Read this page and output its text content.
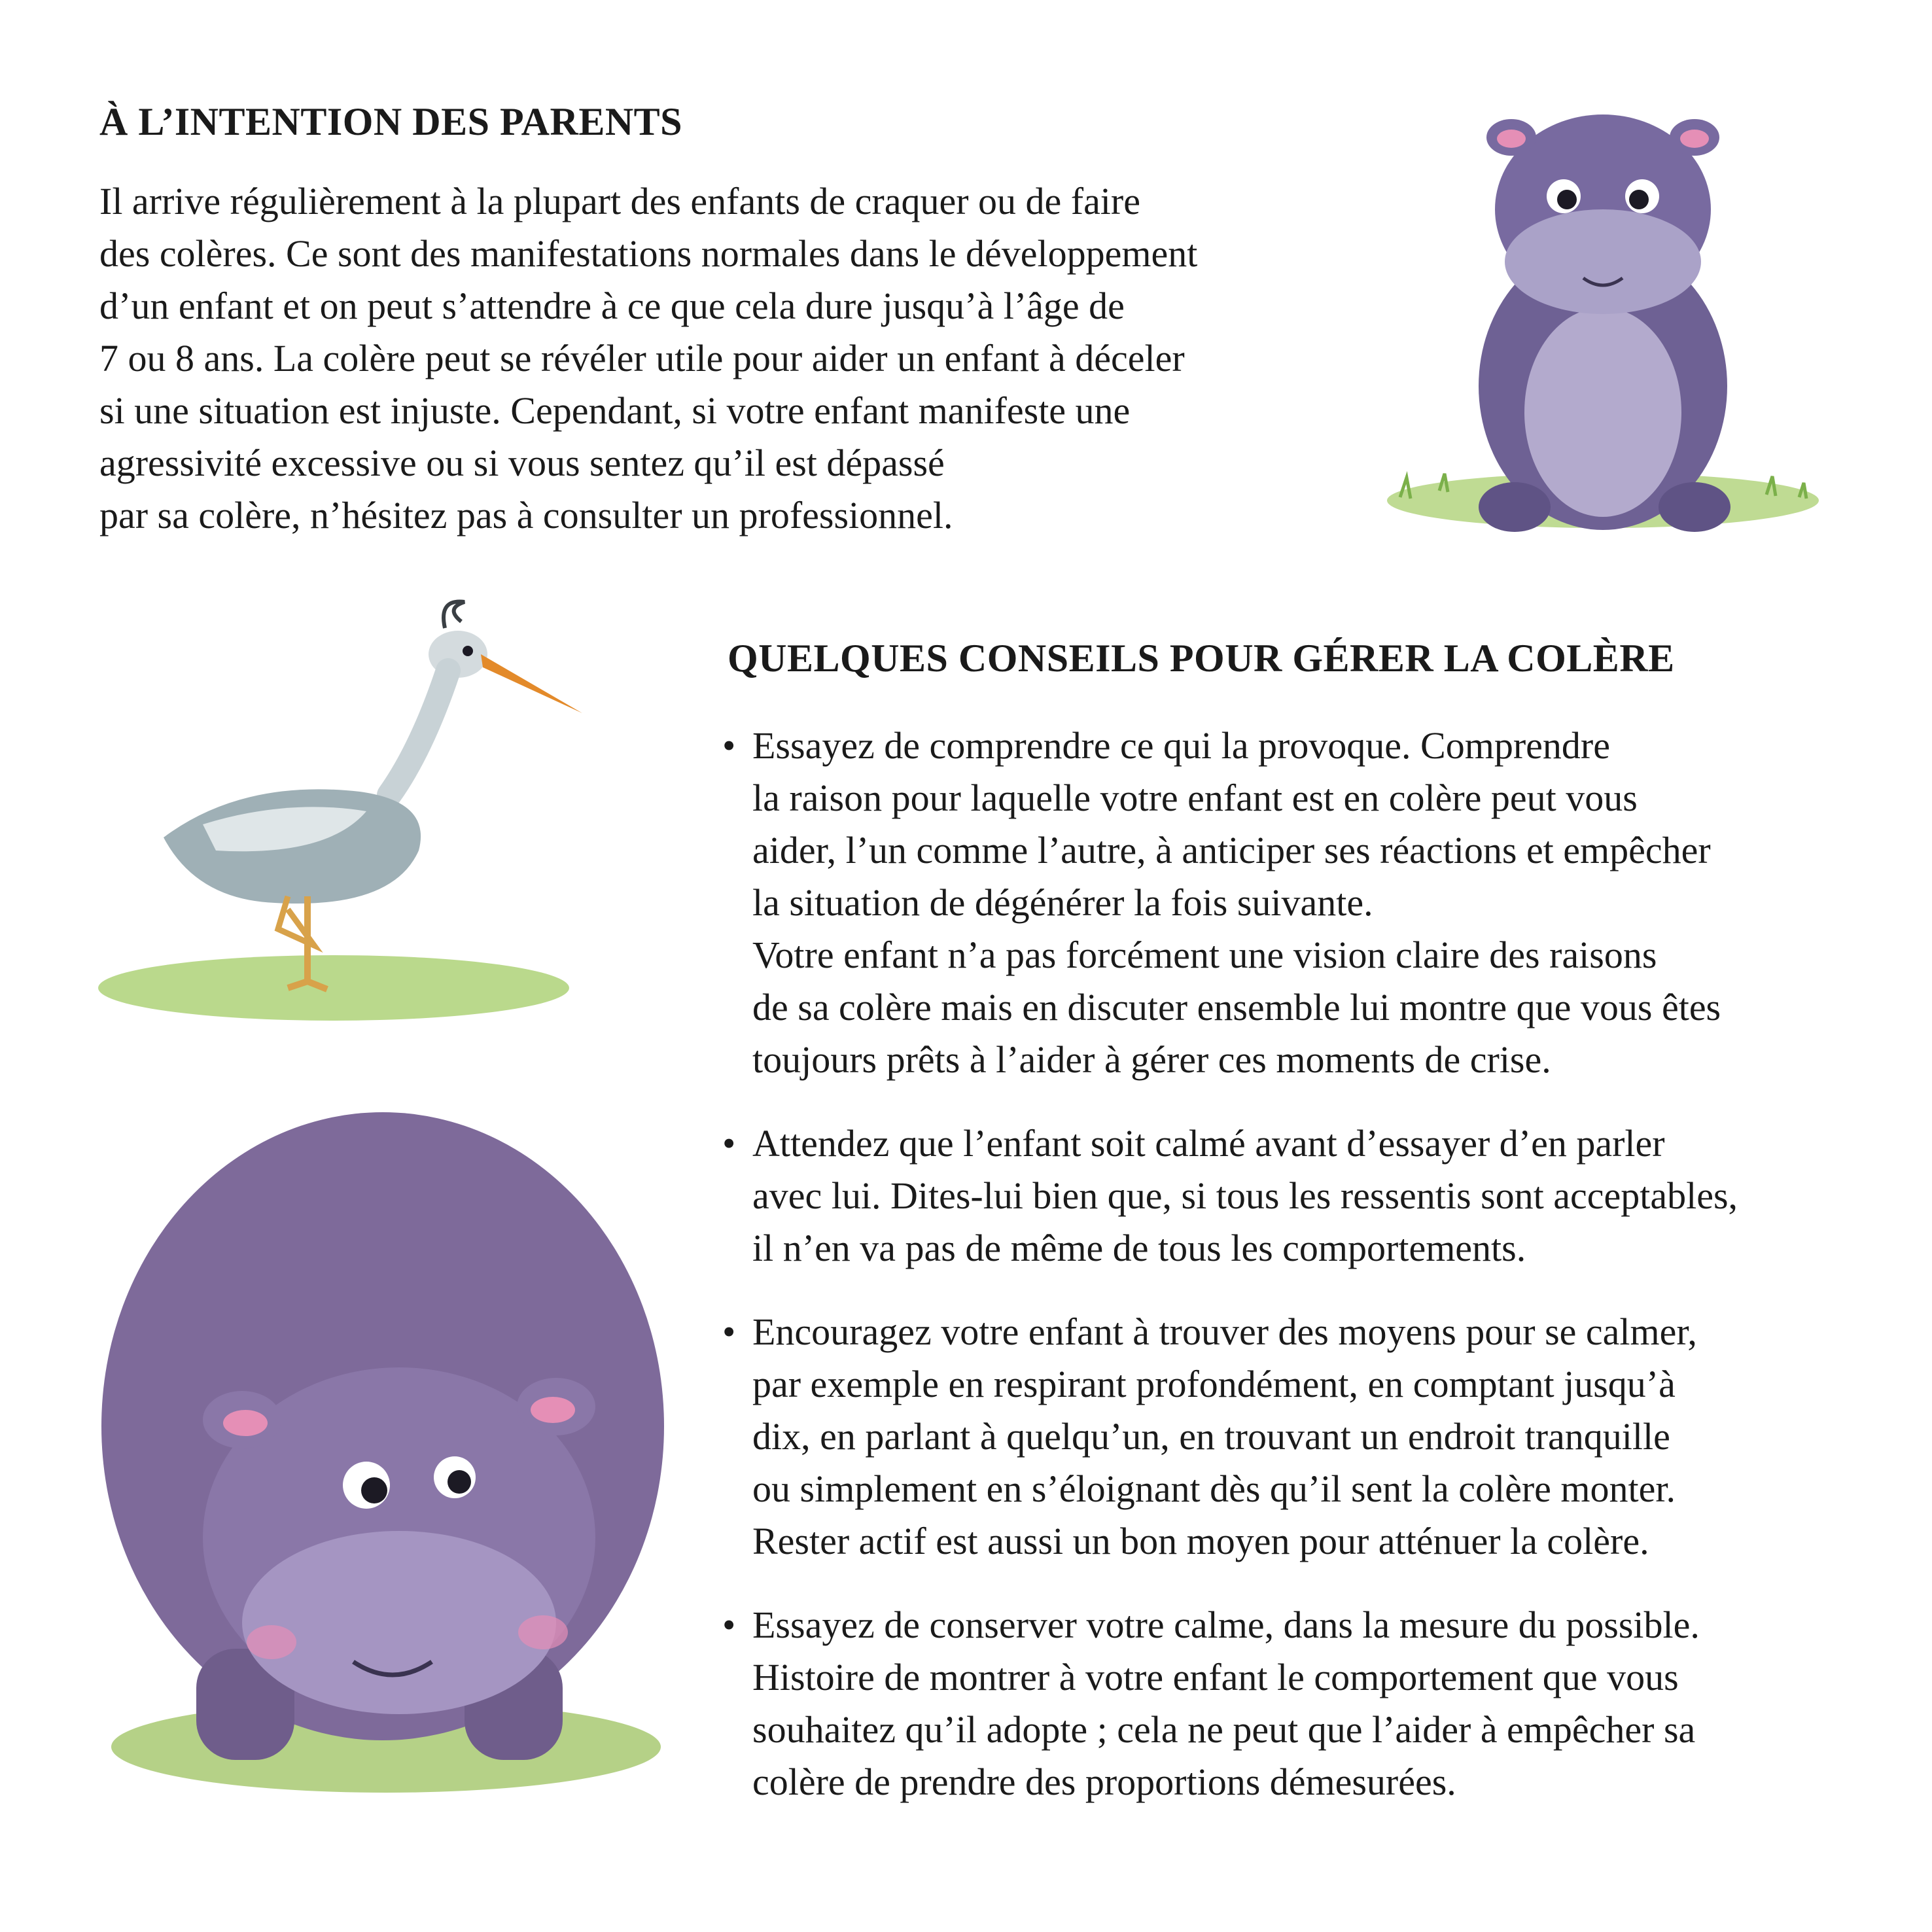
À L’INTENTION DES PARENTS
Il arrive régulièrement à la plupart des enfants de craquer ou de faire
des colères. Ce sont des manifestations normales dans le développement
d’un enfant et on peut s’attendre à ce que cela dure jusqu’à l’âge de
7 ou 8 ans. La colère peut se révéler utile pour aider un enfant à déceler
si une situation est injuste. Cependant, si votre enfant manifeste une
agressivité excessive ou si vous sentez qu’il est dépassé
par sa colère, n’hésitez pas à consulter un professionnel.
QUELQUES CONSEILS POUR GÉRER LA COLÈRE
• Essayez de comprendre ce qui la provoque. Comprendre
la raison pour laquelle votre enfant est en colère peut vous
aider, l’un comme l’autre, à anticiper ses réactions et empêcher
la situation de dégénérer la fois suivante.
Votre enfant n’a pas forcément une vision claire des raisons
de sa colère mais en discuter ensemble lui montre que vous êtes
toujours prêts à l’aider à gérer ces moments de crise.
• Attendez que l’enfant soit calmé avant d’essayer d’en parler
avec lui. Dites-lui bien que, si tous les ressentis sont acceptables,
il n’en va pas de même de tous les comportements.
• Encouragez votre enfant à trouver des moyens pour se calmer,
par exemple en respirant profondément, en comptant jusqu’à
dix, en parlant à quelqu’un, en trouvant un endroit tranquille
ou simplement en s’éloignant dès qu’il sent la colère monter.
Rester actif est aussi un bon moyen pour atténuer la colère.
• Essayez de conserver votre calme, dans la mesure du possible.
Histoire de montrer à votre enfant le comportement que vous
souhaitez qu’il adopte ; cela ne peut que l’aider à empêcher sa
colère de prendre des proportions démesurées.
